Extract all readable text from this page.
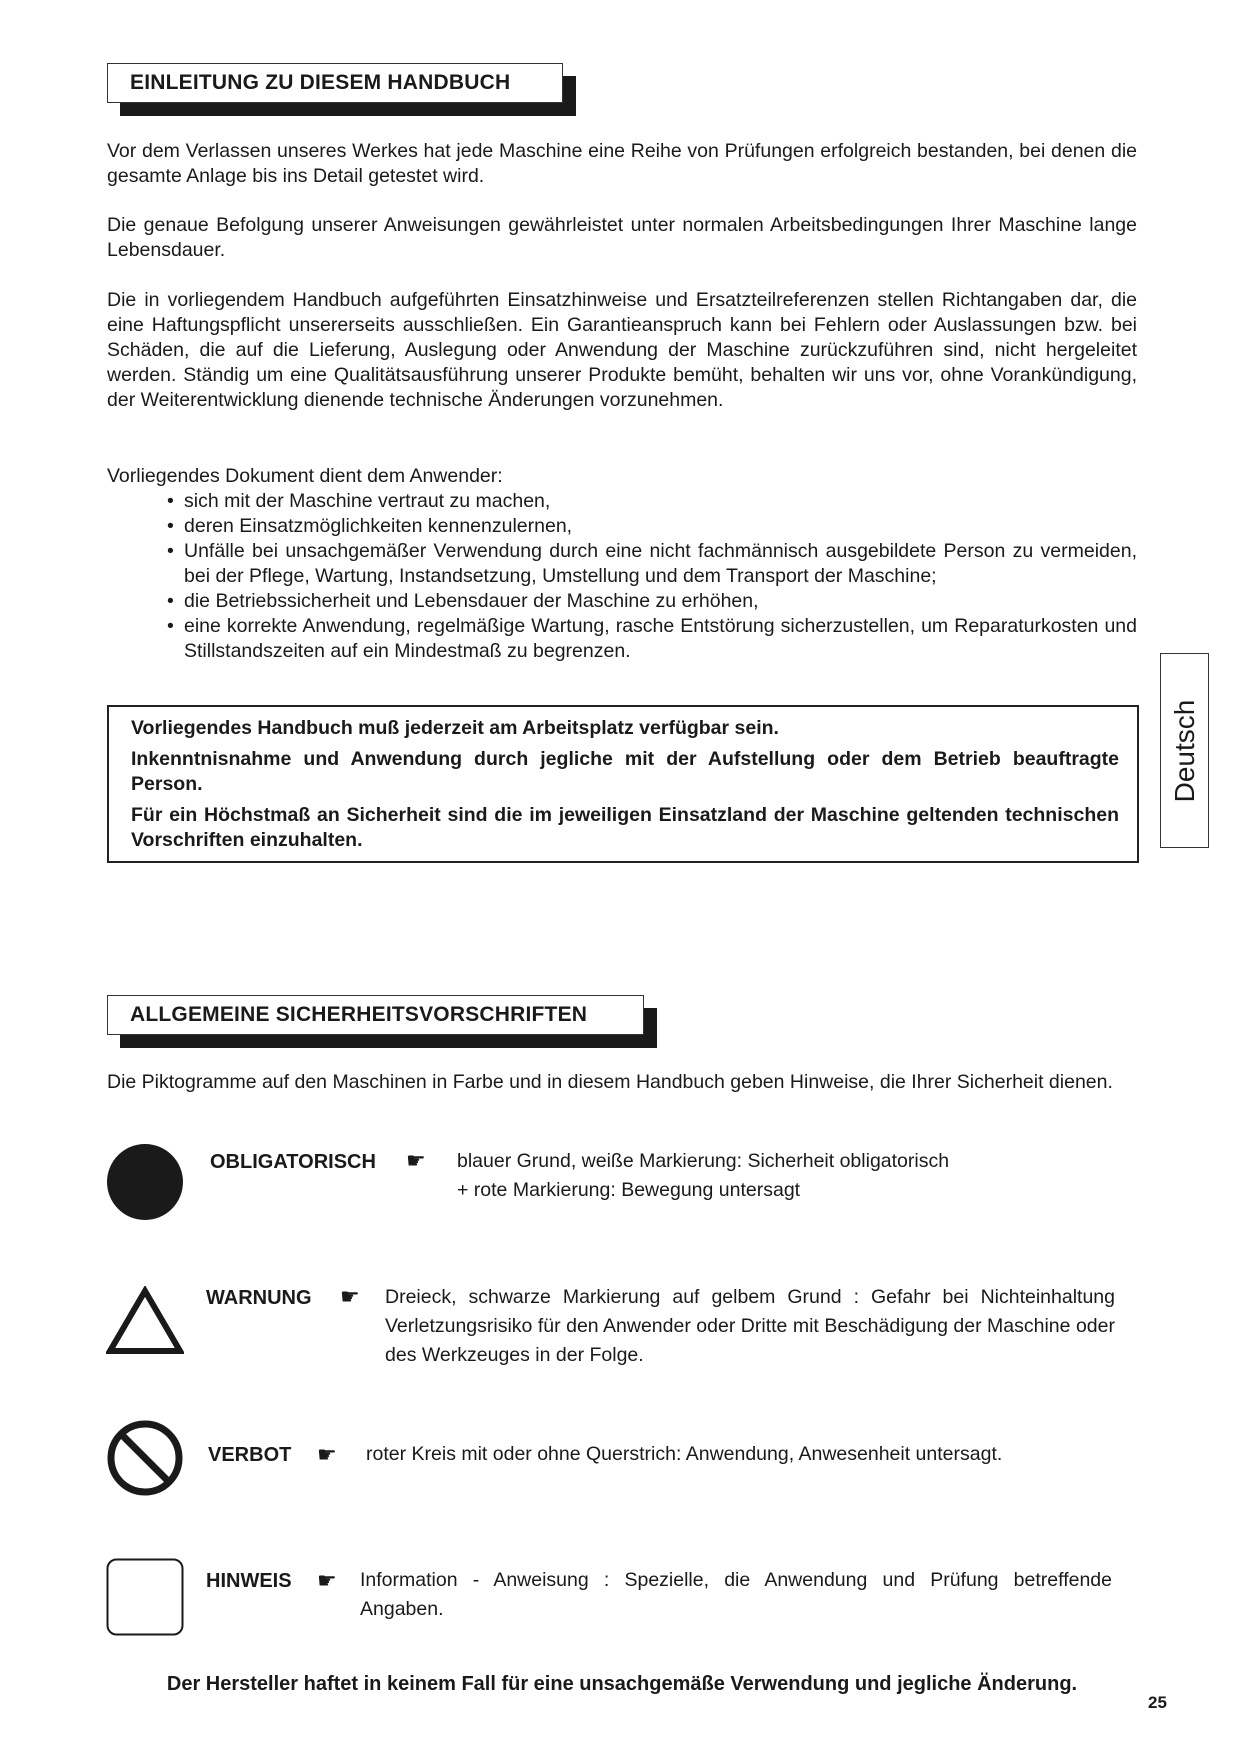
EINLEITUNG ZU DIESEM HANDBUCH

Vor dem Verlassen unseres Werkes hat jede Maschine eine Reihe von Prüfungen erfolgreich bestanden, bei denen die gesamte Anlage bis ins Detail getestet wird.

Die genaue Befolgung unserer Anweisungen gewährleistet unter normalen Arbeitsbedingungen Ihrer Maschine lange Lebensdauer.

Die in vorliegendem Handbuch aufgeführten Einsatzhinweise und Ersatzteilreferenzen stellen Richtangaben dar, die eine Haftungspflicht unsererseits ausschließen. Ein Garantieanspruch kann bei Fehlern oder Auslassungen bzw. bei Schäden, die auf die Lieferung, Auslegung oder Anwendung der Maschine zurückzuführen sind, nicht hergeleitet werden. Ständig um eine Qualitätsausführung unserer Produkte bemüht, behalten wir uns vor, ohne Vorankündigung, der Weiterentwicklung dienende technische Änderungen vorzunehmen.

Vorliegendes Dokument dient dem Anwender:

• sich mit der Maschine vertraut zu machen,
• deren Einsatzmöglichkeiten kennenzulernen,
• Unfälle bei unsachgemäßer Verwendung durch eine nicht fachmännisch ausgebildete Person zu vermeiden, bei der Pflege, Wartung, Instandsetzung, Umstellung und dem Transport der Maschine;
• die Betriebssicherheit und Lebensdauer der Maschine zu erhöhen,
• eine korrekte Anwendung, regelmäßige Wartung, rasche Entstörung sicherzustellen, um Reparaturkosten und Stillstandszeiten auf ein Mindestmaß zu begrenzen.

Vorliegendes Handbuch muß jederzeit am Arbeitsplatz verfügbar sein.

Inkenntnisnahme und Anwendung durch jegliche mit der Aufstellung oder dem Betrieb beauftragte Person.

Für ein Höchstmaß an Sicherheit sind die im jeweiligen Einsatzland der Maschine geltenden technischen Vorschriften einzuhalten.

Deutsch
ALLGEMEINE SICHERHEITSVORSCHRIFTEN

Die Piktogramme auf den Maschinen in Farbe und in diesem Handbuch geben Hinweise, die Ihrer Sicherheit dienen.

OBLIGATORISCH ☛ blauer Grund, weiße Markierung: Sicherheit obligatorisch
+ rote Markierung: Bewegung untersagt
WARNUNG ☛ Dreieck, schwarze Markierung auf gelbem Grund : Gefahr bei Nichteinhaltung Verletzungsrisiko für den Anwender oder Dritte mit Beschädigung der Maschine oder des Werkzeuges in der Folge.
VERBOT ☛ roter Kreis mit oder ohne Querstrich: Anwendung, Anwesenheit untersagt.
HINWEIS ☛ Information - Anweisung : Spezielle, die Anwendung und Prüfung betreffende Angaben.
Der Hersteller haftet in keinem Fall für eine unsachgemäße Verwendung und jegliche Änderung.
25
